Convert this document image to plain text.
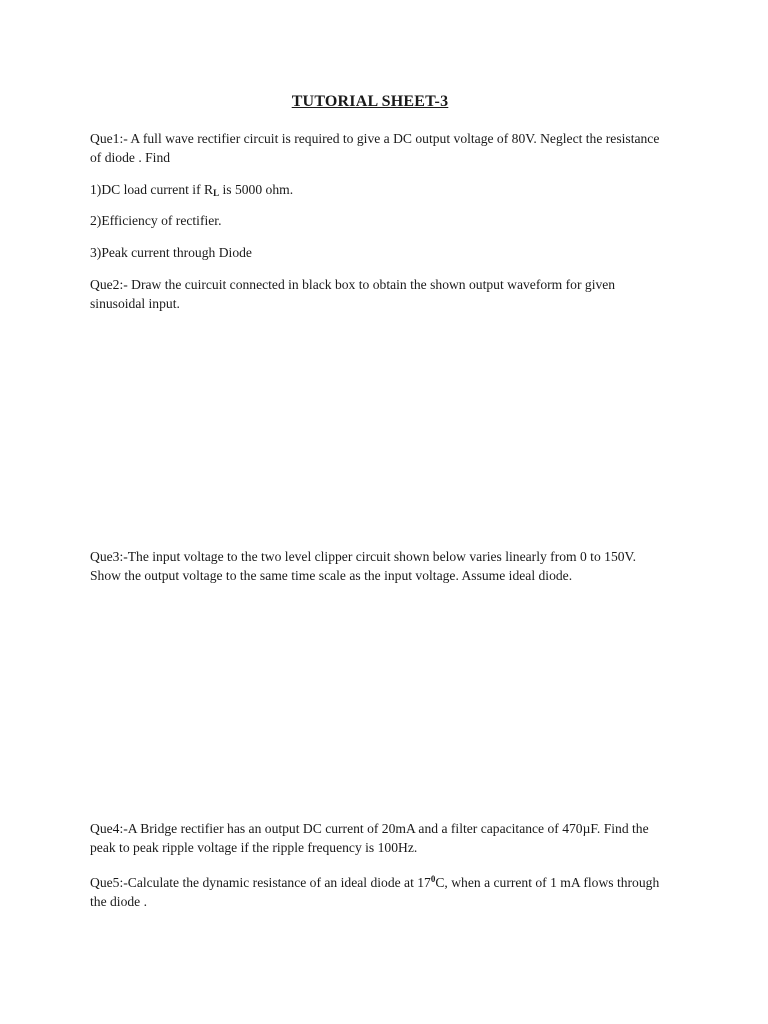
TUTORIAL SHEET-3
Que1:- A full wave rectifier circuit is required to give a DC output voltage of 80V. Neglect the resistance
of diode . Find
1)DC load current if $R_L$ is 5000 ohm.
2)Efficiency of rectifier.
3)Peak current through Diode
Que2:- Draw the cuircuit connected in black box to obtain the shown output waveform for given
sinusoidal input.
Que3:-The input voltage to the two level clipper circuit shown below varies linearly from 0 to 150V.
Show the output voltage to the same time scale as the input voltage. Assume ideal diode.
Que4:-A Bridge rectifier has an output DC current of 20mA and a filter capacitance of 470µF. Find the
peak to peak ripple voltage if the ripple frequency is 100Hz.
Que5:-Calculate the dynamic resistance of an ideal diode at $17^0C$, when a current of 1 mA flows through
the diode .
